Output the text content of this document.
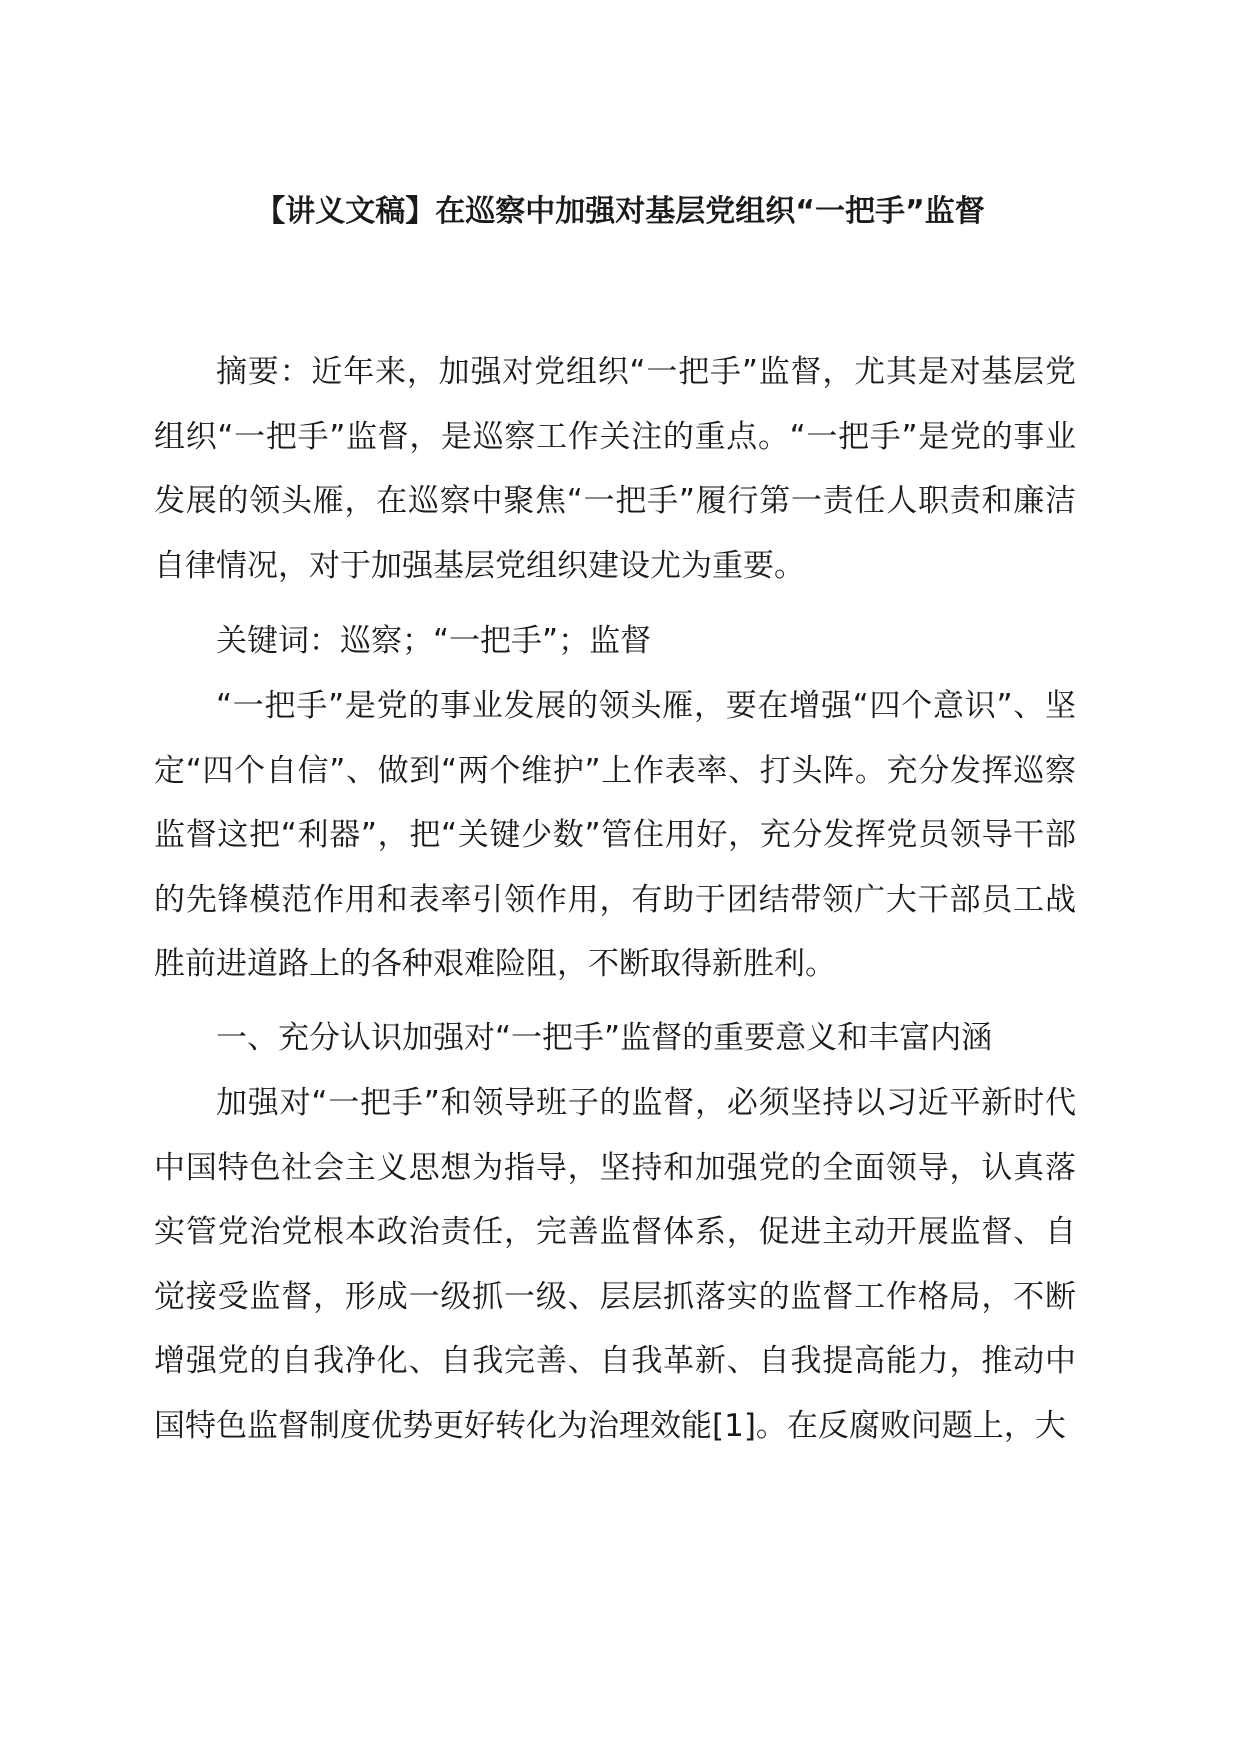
【讲义文稿】在巡察中加强对基层党组织“一把手”监督

摘要：近年来，加强对党组织“一把手”监督，尤其是对基层党组织“一把手”监督，是巡察工作关注的重点。“一把手”是党的事业发展的领头雁，在巡察中聚焦“一把手”履行第一责任人职责和廉洁自律情况，对于加强基层党组织建设尤为重要。

关键词：巡察；“一把手”；监督

“一把手”是党的事业发展的领头雁，要在增强“四个意识”、坚定“四个自信”、做到“两个维护”上作表率、打头阵。充分发挥巡察监督这把“利器”，把“关键少数”管住用好，充分发挥党员领导干部的先锋模范作用和表率引领作用，有助于团结带领广大干部员工战胜前进道路上的各种艰难险阻，不断取得新胜利。

一、充分认识加强对“一把手”监督的重要意义和丰富内涵

加强对“一把手”和领导班子的监督，必须坚持以习近平新时代中国特色社会主义思想为指导，坚持和加强党的全面领导，认真落实管党治党根本政治责任，完善监督体系，促进主动开展监督、自觉接受监督，形成一级抓一级、层层抓落实的监督工作格局，不断增强党的自我净化、自我完善、自我革新、自我提高能力，推动中国特色监督制度优势更好转化为治理效能[1]。在反腐败问题上，大
